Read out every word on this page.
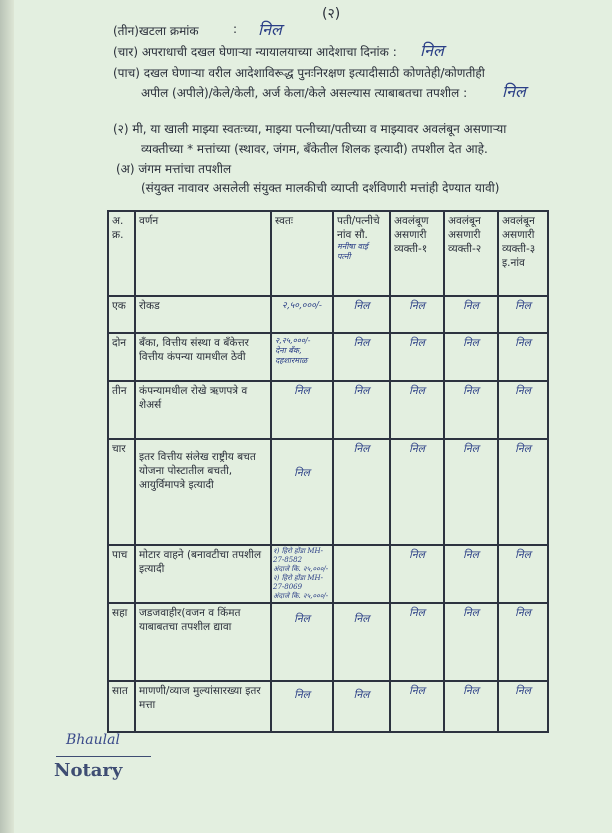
(२)
(तीन)खटला क्रमांक	: निल
(चार) अपराधाची दखल घेणाऱ्या न्यायालयाच्या आदेशाचा दिनांक : निल
(पाच) दखल घेणाऱ्या वरील आदेशाविरूद्ध पुनःनिरक्षण इत्यादीसाठी कोणतेही/कोणतीही
अपील (अपीले)/केले/केली, अर्ज केला/केले असल्यास त्याबाबतचा तपशील : निल
(२) मी, या खाली माझ्या स्वतःच्या, माझ्या पत्नीच्या/पतीच्या व माझ्यावर अवलंबून असणाऱ्या
व्यक्तीच्या * मत्तांच्या (स्थावर, जंगम, बँकेतील शिलक इत्यादी) तपशील देत आहे.
(अ) जंगम मत्तांचा तपशील
(संयुक्त नावावर असलेली संयुक्त मालकीची व्याप्ती दर्शविणारी मत्तांही देण्यात यावी)
अ. क्र.	वर्णन	स्वतः	पती/पत्नीचे नांव सौ.
मनीषा वाई
पत्नी	अवलंबूण असणारी व्यक्ती-१	अवलंबून असणारी व्यक्ती-२	अवलंबून असणारी व्यक्ती-३ इ.नांव
एक	रोकड	२,५०,०००/-	निल	निल	निल	निल
दोन	बँका, वित्तीय संस्था व बँकेत्तर वित्तीय कंपन्या यामधील ठेवी	२,२५,०००/-
देना बँक,
दहशारमाळ	निल	निल	निल	निल
तीन	कंपन्यामधील रोखे ऋणपत्रे व शेअर्स	निल	निल	निल	निल	निल
चार	इतर वित्तीय संलेख राष्ट्रीय बचत योजना पोस्टातील बचती, आयुर्विमापत्रे इत्यादी	निल	निल	निल	निल	निल
पाच	मोटार वाहने (बनावटीचा तपशील इत्यादी	१) हिरो होंडा MH-27-8582
अंदाजे कि. २५,०००/-
२) हिरो होंडा MH-27-8069
अंदाजे कि. २५,०००/-		निल	निल	निल
सहा	जडजवाहीर(वजन व किंमत याबाबतचा तपशील द्यावा	निल	निल	निल	निल	निल
सात	माणणी/व्याज मुल्यांसारख्या इतर मत्ता	निल	निल	निल	निल	निल
Bhaulal
Notary
